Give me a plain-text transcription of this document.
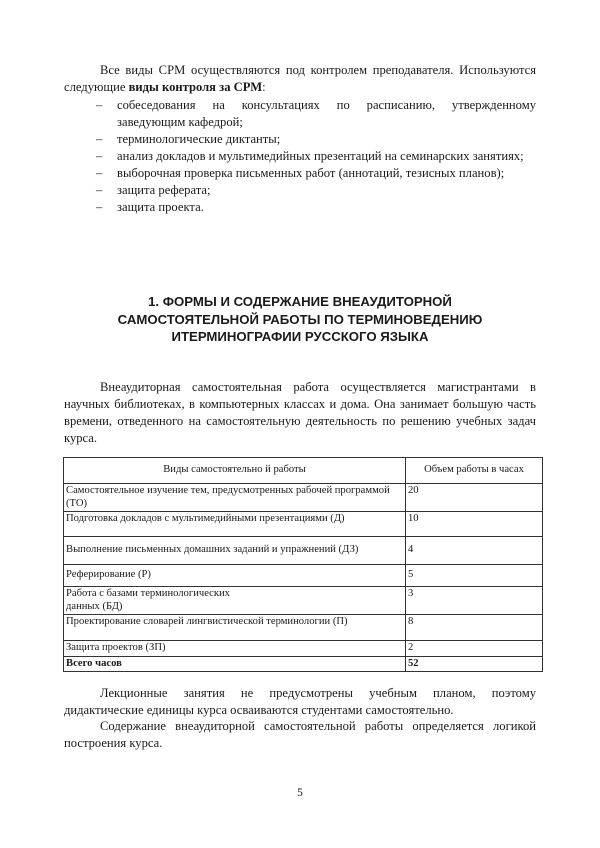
Все виды СРМ осуществляются под контролем преподавателя. Используются следующие виды контроля за СРМ:

– собеседования на консультациях по расписанию, утвержденному заведующим кафедрой;
– терминологические диктанты;
– анализ докладов и мультимедийных презентаций на семинарских занятиях;
– выборочная проверка письменных работ (аннотаций, тезисных планов);
– защита реферата;
– защита проекта.
1. ФОРМЫ И СОДЕРЖАНИЕ ВНЕАУДИТОРНОЙ
САМОСТОЯТЕЛЬНОЙ РАБОТЫ ПО ТЕРМИНОВЕДЕНИЮ
ИТЕРМИНОГРАФИИ РУССКОГО ЯЗЫКА

Внеаудиторная самостоятельная работа осуществляется магистрантами в научных библиотеках, в компьютерных классах и дома. Она занимает большую часть времени, отведенного на самостоятельную деятельность по решению учебных задач курса.

Виды самостоятельно й работы	Объем работы в часах
Самостоятельное изучение тем, предусмотренных рабочей программой (ТО)	20
Подготовка докладов с мультимедийными презентациями (Д)	10
Выполнение письменных домашних заданий и упражнений (ДЗ)	4
Реферирование (Р)	5
Работа с базами терминологических данных (БД)	3
Проектирование словарей лингвистической терминологии (П)	8
Защита проектов (ЗП)	2
Всего часов	52

Лекционные занятия не предусмотрены учебным планом, поэтому дидактические единицы курса осваиваются студентами самостоятельно.

Содержание внеаудиторной самостоятельной работы определяется логикой построения курса.

5
